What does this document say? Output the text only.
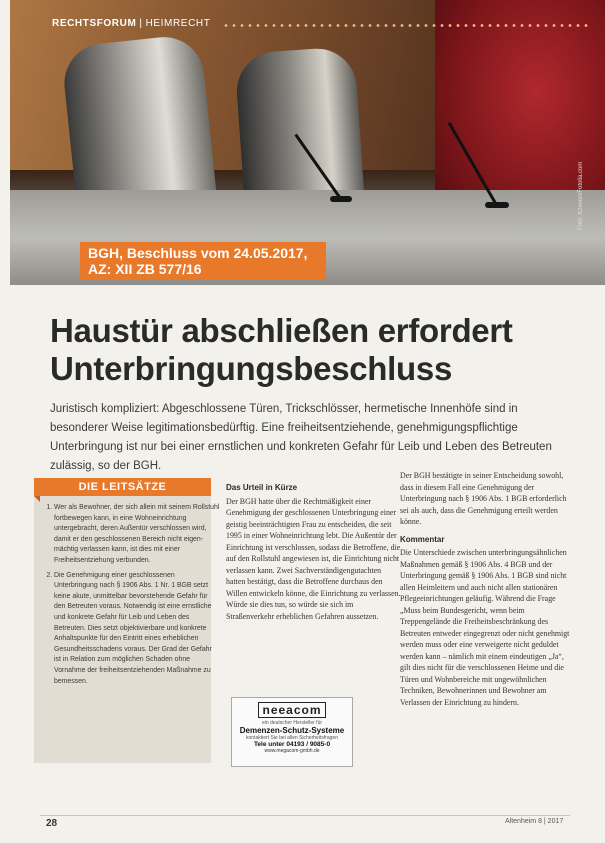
RECHTSFORUM | HEIMRECHT
Foto: Kzenon/Fotolia.com
BGH, Beschluss vom 24.05.2017,
AZ: XII ZB 577/16
Haustür abschließen erfordert
Unterbringungsbeschluss
Juristisch kompliziert: Abgeschlossene Türen, Trickschlösser, hermetische Innenhöfe sind in besonderer Weise legitimationsbedürftig. Eine freiheitsentziehende, genehmigungspflichtige Unterbringung ist nur bei einer ernstlichen und konkreten Gefahr für Leib und Leben des Betreuten zulässig, so der BGH.
DIE LEITSÄTZE
1. Wer als Bewohner, der sich allein mit seinem Rollstuhl fortbewegen kann, in eine Wohneinrichtung untergebracht, deren Außentür verschlossen wird, damit er den geschlossenen Bereich nicht eigen-mächtig verlassen kann, ist dies mit einer Freiheitsentziehung verbunden.
2. Die Genehmigung einer geschlossenen Unterbringung nach § 1906 Abs. 1 Nr. 1 BGB setzt keine akute, unmittelbar bevorstehende Gefahr für den Betreuten voraus. Notwendig ist eine ernstliche und konkrete Gefahr für Leib und Leben des Betreuten. Dies setzt objektivierbare und konkrete Anhaltspunkte für den Eintritt eines erheblichen Gesundheitsschadens voraus. Der Grad der Gefahr ist in Relation zum möglichen Schaden ohne Vornahme der freiheitsentziehenden Maßnahme zu bemessen.
Das Urteil in Kürze

Der BGH hatte über die Rechtmäßigkeit einer Genehmigung der geschlossenen Unterbringung einer geistig beeinträchtigten Frau zu entscheiden, die seit 1995 in einer Wohneinrichtung lebt. Die Außentür der Einrichtung ist verschlossen, sodass die Betroffene, die auf den Rollstuhl angewiesen ist, die Einrichtung nicht verlassen kann. Zwei Sachverständigengutachten hatten bestätigt, dass die Betroffene durchaus den Willen entwickeln könne, die Einrichtung zu verlassen. Würde sie dies tun, so würde sie sich im Straßenverkehr erheblichen Gefahren aussetzen.

Der BGH bestätigte in seiner Entscheidung sowohl, dass in diesem Fall eine Genehmigung der Unterbringung nach § 1906 Abs. 1 BGB erforderlich sei als auch, dass die Genehmigung erteilt werden könne.

Kommentar

Die Unterschiede zwischen unterbringungsähnlichen Maßnahmen gemäß § 1906 Abs. 4 BGB und der Unterbringung gemäß § 1906 Abs. 1 BGB sind nicht allen Heimleitern und auch nicht allen stationären Pflegeeinrichtungen geläufig. Während die Frage „Muss beim Bundesgericht, wenn beim Treppengelände die Freiheitsbeschränkung des Betreuten entweder eingegrenzt oder nicht genehmigt werden muss oder eine verweigerte nicht geduldet werden kann – nämlich mit einem eindeutigen „Ja“, gilt dies nicht für die verschlossenen Heime und die Türen und Wohnbereiche mit ungewöhnlichen Techniken, Bewohnerinnen und Bewohner am Verlassen der Einrichtung zu hindern.

neeacom
ein deutscher Hersteller für
Demenzen-Schutz-Systeme
kontaktiert Sie bei allen Sicherheitsfragen
Tele unter 04193 / 9085-0
www.megacom-gmbh.de
28	Altenheim 8 | 2017
